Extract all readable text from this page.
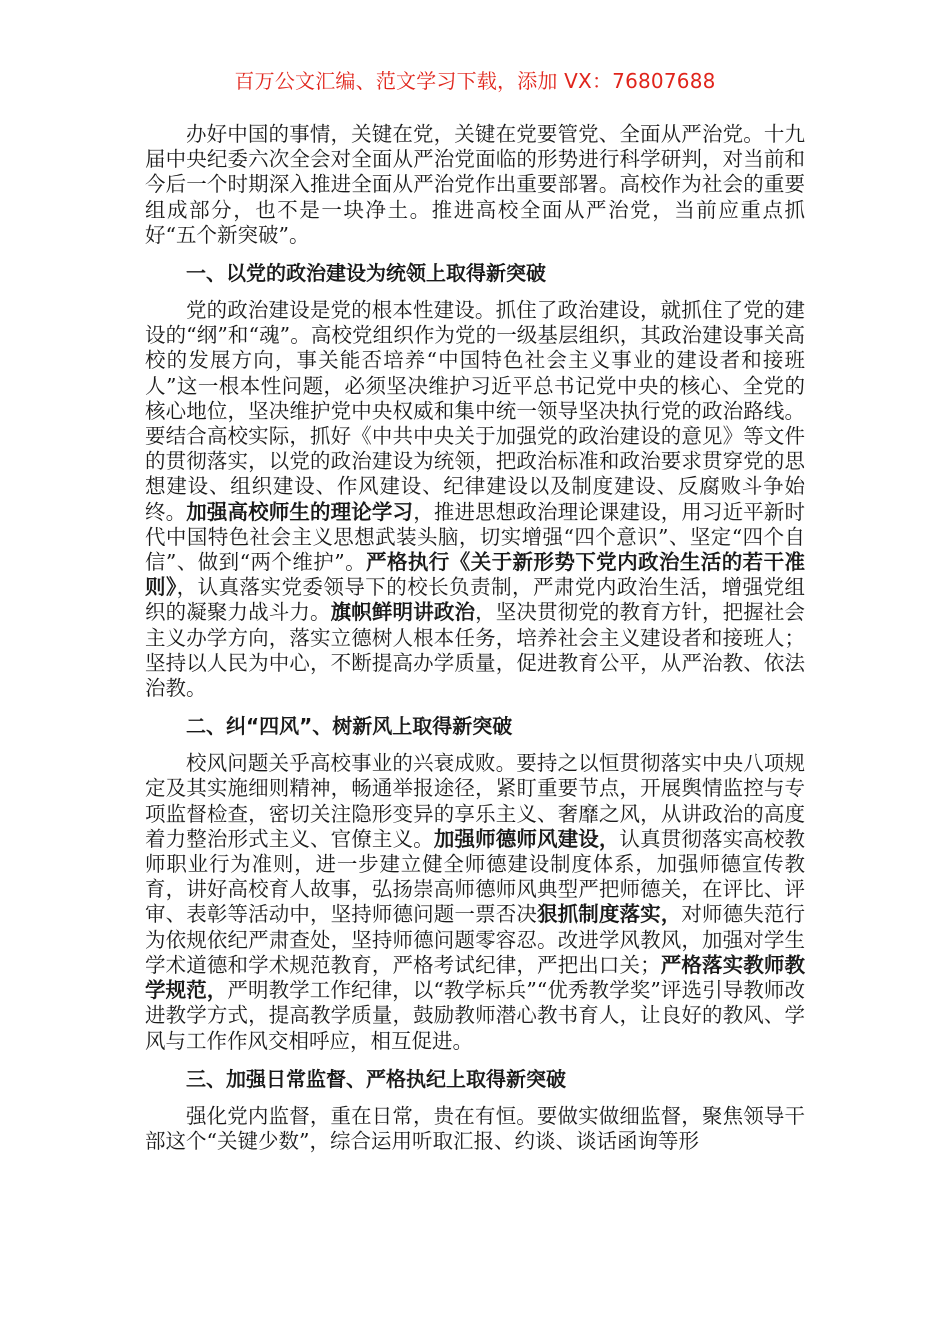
百万公文汇编、范文学习下载，添加 VX：76807688

办好中国的事情，关键在党，关键在党要管党、全面从严治党。十九届中央纪委六次全会对全面从严治党面临的形势进行科学研判，对当前和今后一个时期深入推进全面从严治党作出重要部署。高校作为社会的重要组成部分，也不是一块净土。推进高校全面从严治党，当前应重点抓好“五个新突破”。

一、以党的政治建设为统领上取得新突破

党的政治建设是党的根本性建设。抓住了政治建设，就抓住了党的建设的“纲”和“魂”。高校党组织作为党的一级基层组织，其政治建设事关高校的发展方向，事关能否培养“中国特色社会主义事业的建设者和接班人”这一根本性问题，必须坚决维护习近平总书记党中央的核心、全党的核心地位，坚决维护党中央权威和集中统一领导坚决执行党的政治路线。要结合高校实际，抓好《中共中央关于加强党的政治建设的意见》等文件的贯彻落实，以党的政治建设为统领，把政治标准和政治要求贯穿党的思想建设、组织建设、作风建设、纪律建设以及制度建设、反腐败斗争始终。加强高校师生的理论学习，推进思想政治理论课建设，用习近平新时代中国特色社会主义思想武装头脑，切实增强“四个意识”、坚定“四个自信”、做到“两个维护”。严格执行《关于新形势下党内政治生活的若干准则》，认真落实党委领导下的校长负责制，严肃党内政治生活，增强党组织的凝聚力战斗力。旗帜鲜明讲政治，坚决贯彻党的教育方针，把握社会主义办学方向，落实立德树人根本任务，培养社会主义建设者和接班人；坚持以人民为中心，不断提高办学质量，促进教育公平，从严治教、依法治教。

二、纠“四风”、树新风上取得新突破

校风问题关乎高校事业的兴衰成败。要持之以恒贯彻落实中央八项规定及其实施细则精神，畅通举报途径，紧盯重要节点，开展舆情监控与专项监督检查，密切关注隐形变异的享乐主义、奢靡之风，从讲政治的高度着力整治形式主义、官僚主义。加强师德师风建设，认真贯彻落实高校教师职业行为准则，进一步建立健全师德建设制度体系，加强师德宣传教育，讲好高校育人故事，弘扬崇高师德师风典型严把师德关，在评比、评审、表彰等活动中，坚持师德问题一票否决狠抓制度落实，对师德失范行为依规依纪严肃查处，坚持师德问题零容忍。改进学风教风，加强对学生学术道德和学术规范教育，严格考试纪律，严把出口关；严格落实教师教学规范，严明教学工作纪律，以“教学标兵”“优秀教学奖”评选引导教师改进教学方式，提高教学质量，鼓励教师潜心教书育人，让良好的教风、学风与工作作风交相呼应，相互促进。

三、加强日常监督、严格执纪上取得新突破

强化党内监督，重在日常，贵在有恒。要做实做细监督，聚焦领导干部这个“关键少数”，综合运用听取汇报、约谈、谈话函询等形
